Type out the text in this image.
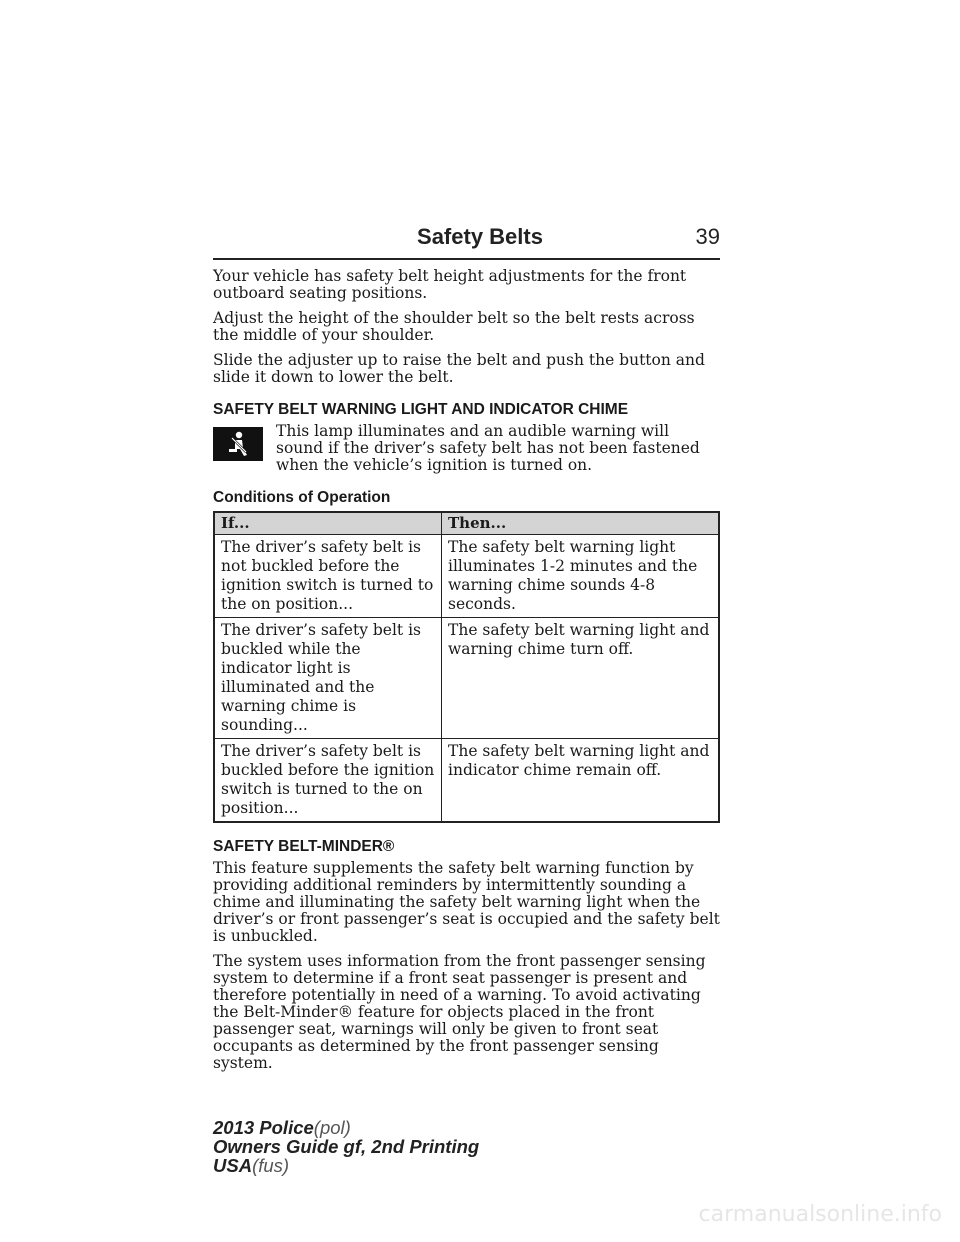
Safety Belts	39

Your vehicle has safety belt height adjustments for the front outboard seating positions.

Adjust the height of the shoulder belt so the belt rests across the middle of your shoulder.

Slide the adjuster up to raise the belt and push the button and slide it down to lower the belt.

SAFETY BELT WARNING LIGHT AND INDICATOR CHIME
This lamp illuminates and an audible warning will sound if the driver’s safety belt has not been fastened when the vehicle’s ignition is turned on.
Conditions of Operation
If...	Then...
The driver’s safety belt is not buckled before the ignition switch is turned to the on position...	The safety belt warning light illuminates 1-2 minutes and the warning chime sounds 4-8 seconds.
The driver’s safety belt is buckled while the indicator light is illuminated and the warning chime is sounding...	The safety belt warning light and warning chime turn off.
The driver’s safety belt is buckled before the ignition switch is turned to the on position...	The safety belt warning light and indicator chime remain off.
SAFETY BELT-MINDER®

This feature supplements the safety belt warning function by providing additional reminders by intermittently sounding a chime and illuminating the safety belt warning light when the driver’s or front passenger’s seat is occupied and the safety belt is unbuckled.

The system uses information from the front passenger sensing system to determine if a front seat passenger is present and therefore potentially in need of a warning. To avoid activating the Belt-Minder® feature for objects placed in the front passenger seat, warnings will only be given to front seat occupants as determined by the front passenger sensing system.

2013 Police(pol)
Owners Guide gf, 2nd Printing
USA(fus)
carmanualsonline.info
